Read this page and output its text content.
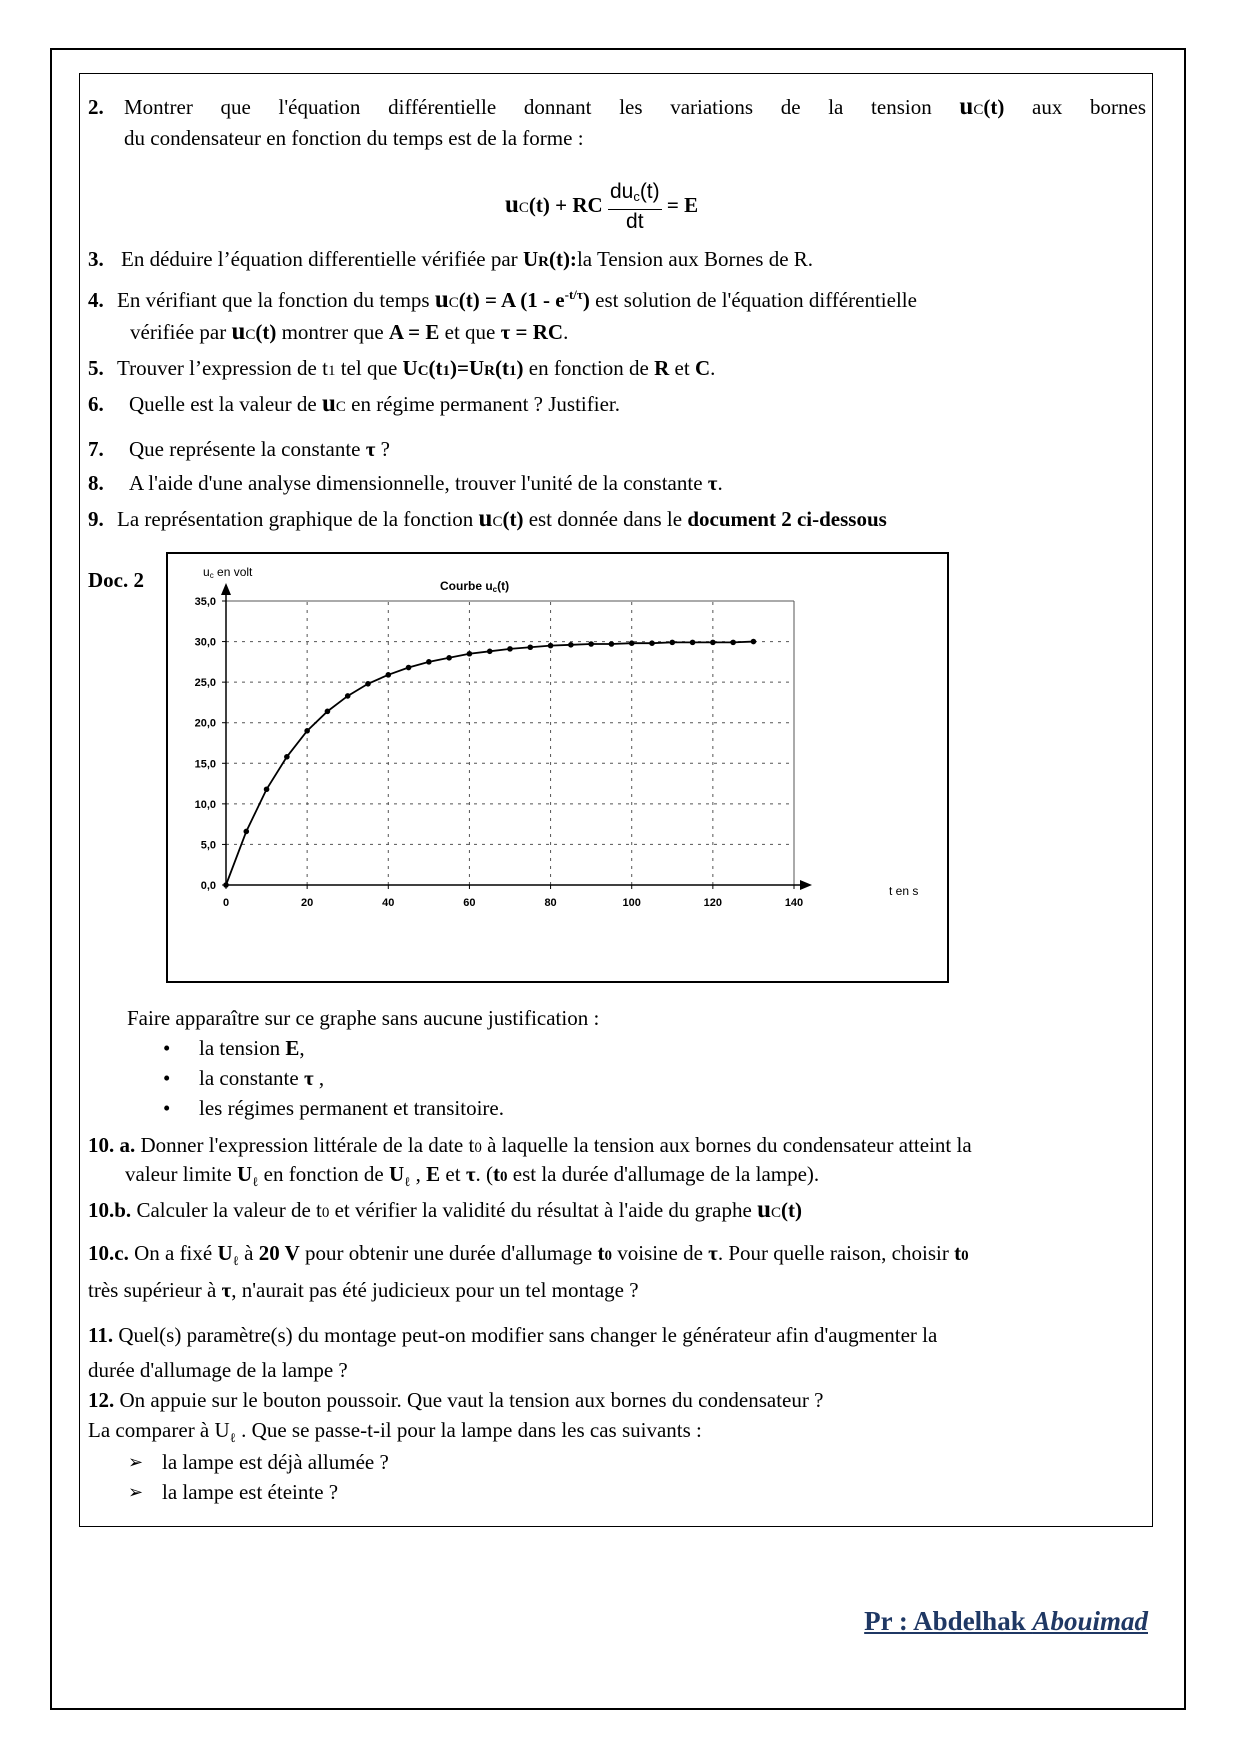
2. Montrer que l'équation différentielle donnant les variations de la tension uC(t) aux bornes
du condensateur en fonction du temps est de la forme :
uC(t) + RC $\frac{\text{duc(t)}}{dt} = E$
3. En déduire l’équation differentielle vérifiée par UR(t):la Tension aux Bornes de R.
4. En vérifiant que la fonction du temps uC(t) = A $(1 - e^{-t/\tau})$ est solution de l'équation différentielle
vérifiée par uC(t) montrer que A = E et que τ = RC.
5. Trouver l’expression de t1 tel que UC(t1)=UR(t1) en fonction de R et C.
6. Quelle est la valeur de uC en régime permanent ? Justifier.
7. Que représente la constante τ ?
8. A l'aide d'une analyse dimensionnelle, trouver l'unité de la constante τ.
9. La représentation graphique de la fonction uC(t) est donnée dans le document 2 ci-dessous
Doc. 2	uc en volt
Courbe uc(t)
0,0
5,0
10,0
15,0
20,0
25,0
30,0
35,0
0	20	40	60	80	100	120	140
t en s
Faire apparaître sur ce graphe sans aucune justification :
• la tension E,
• la constante τ ,
• les régimes permanent et transitoire.
10. a. Donner l'expression littérale de la date t0 à laquelle la tension aux bornes du condensateur atteint la
valeur limite $U_\ell$ en fonction de $U_\ell$ , E et τ. (t0 est la durée d'allumage de la lampe).
10.b. Calculer la valeur de t0 et vérifier la validité du résultat à l'aide du graphe uC(t)
10.c. On a fixé $U_\ell$ à 20 V pour obtenir une durée d'allumage t0 voisine de τ. Pour quelle raison, choisir t0
très supérieur à τ, n'aurait pas été judicieux pour un tel montage ?
11. Quel(s) paramètre(s) du montage peut-on modifier sans changer le générateur afin d'augmenter la
durée d'allumage de la lampe ?
12. On appuie sur le bouton poussoir. Que vaut la tension aux bornes du condensateur ?
La comparer à $U_\ell$ . Que se passe-t-il pour la lampe dans les cas suivants :
➢ la lampe est déjà allumée ?
➢ la lampe est éteinte ?
Pr : Abdelhak Abouimad
